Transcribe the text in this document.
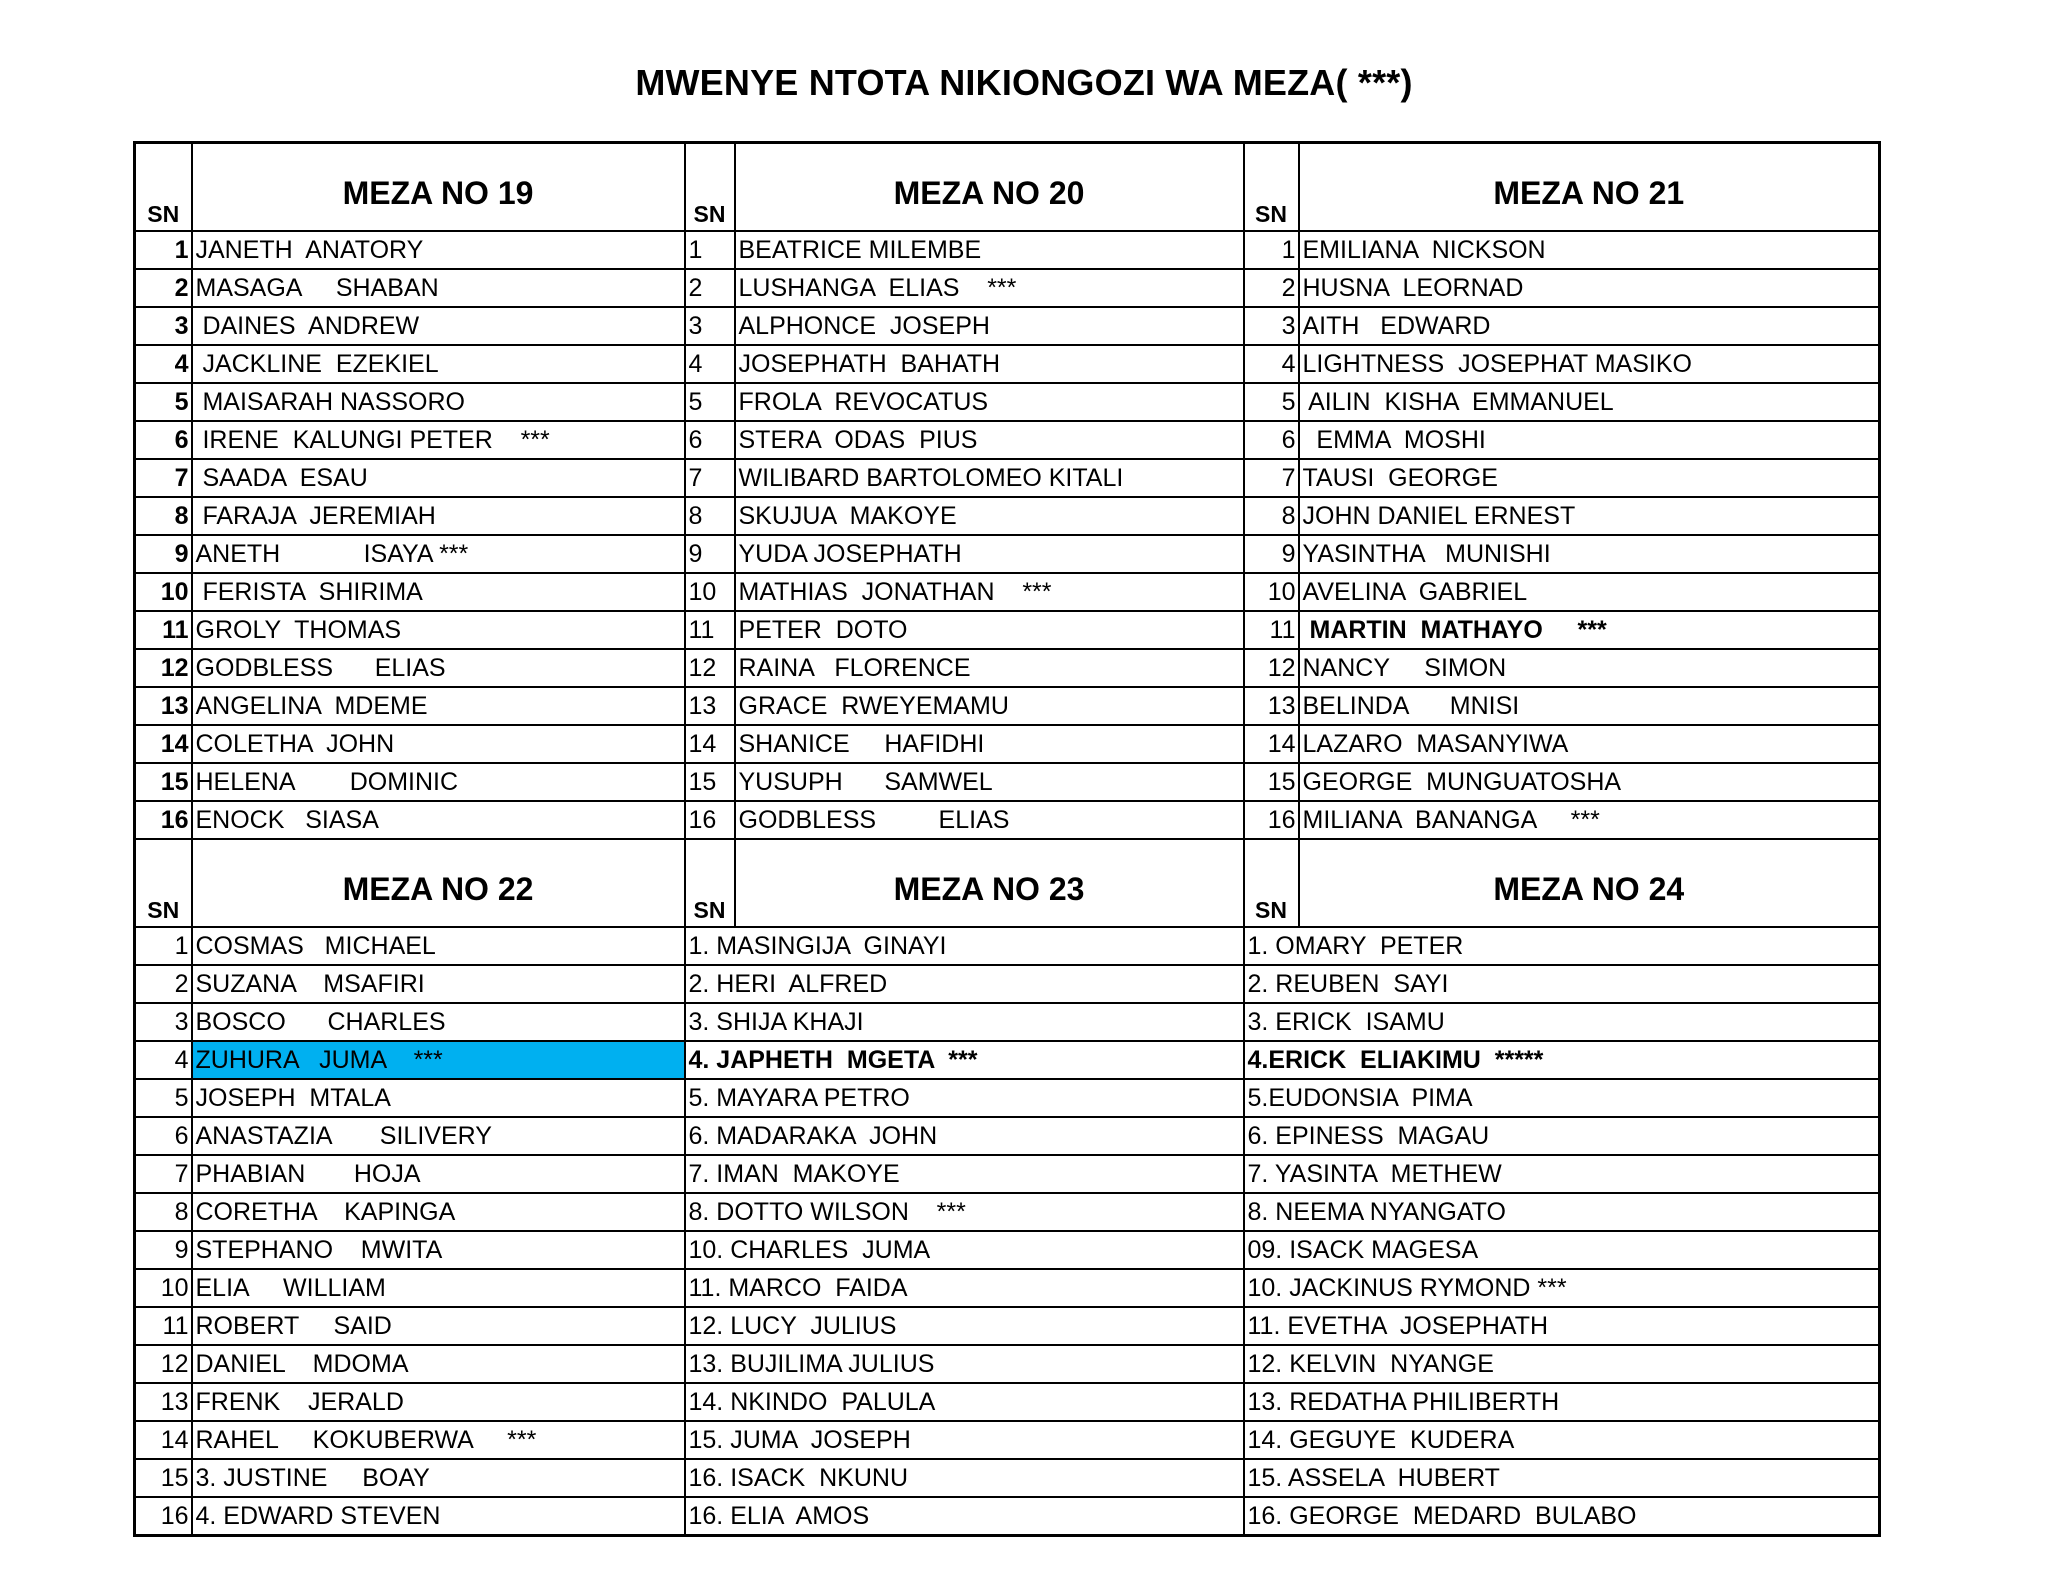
MWENYE NTOTA NIKIONGOZI WA MEZA( ***)
SN	MEZA NO 19	SN	MEZA NO 20	SN	MEZA NO 21
1	JANETH  ANATORY	1	BEATRICE MILEMBE	1	EMILIANA  NICKSON
2	MASAGA     SHABAN	2	LUSHANGA  ELIAS    ***	2	HUSNA  LEORNAD
3	DAINES  ANDREW	3	ALPHONCE  JOSEPH	3	AITH   EDWARD
4	JACKLINE  EZEKIEL	4	JOSEPHATH  BAHATH	4	LIGHTNESS  JOSEPHAT MASIKO
5	MAISARAH NASSORO	5	FROLA  REVOCATUS	5	AILIN  KISHA  EMMANUEL
6	IRENE  KALUNGI PETER    ***	6	STERA  ODAS  PIUS	6	EMMA  MOSHI
7	SAADA  ESAU	7	WILIBARD BARTOLOMEO KITALI	7	TAUSI  GEORGE
8	FARAJA  JEREMIAH	8	SKUJUA  MAKOYE	8	JOHN DANIEL ERNEST
9	ANETH            ISAYA ***	9	YUDA JOSEPHATH	9	YASINTHA   MUNISHI
10	FERISTA  SHIRIMA	10	MATHIAS  JONATHAN    ***	10	AVELINA  GABRIEL
11	GROLY  THOMAS	11	PETER  DOTO	11	MARTIN  MATHAYO     ***
12	GODBLESS      ELIAS	12	RAINA   FLORENCE	12	NANCY     SIMON
13	ANGELINA  MDEME	13	GRACE  RWEYEMAMU	13	BELINDA      MNISI
14	COLETHA  JOHN	14	SHANICE     HAFIDHI	14	LAZARO  MASANYIWA
15	HELENA        DOMINIC	15	YUSUPH      SAMWEL	15	GEORGE  MUNGUATOSHA
16	ENOCK   SIASA	16	GODBLESS         ELIAS	16	MILIANA  BANANGA     ***
SN	MEZA NO 22	SN	MEZA NO 23	SN	MEZA NO 24
1	COSMAS   MICHAEL	1. MASINGIJA  GINAYI		1. OMARY  PETER	
2	SUZANA    MSAFIRI	2. HERI  ALFRED		2. REUBEN  SAYI	
3	BOSCO      CHARLES	3. SHIJA KHAJI		3. ERICK  ISAMU	
4	ZUHURA   JUMA    ***	4. JAPHETH  MGETA  ***		4.ERICK  ELIAKIMU  *****	
5	JOSEPH  MTALA	5. MAYARA PETRO		5.EUDONSIA  PIMA	
6	ANASTAZIA       SILIVERY	6. MADARAKA  JOHN		6. EPINESS  MAGAU	
7	PHABIAN       HOJA	7. IMAN  MAKOYE		7. YASINTA  METHEW	
8	CORETHA    KAPINGA	8. DOTTO WILSON    ***		8. NEEMA NYANGATO	
9	STEPHANO    MWITA	10. CHARLES  JUMA		09. ISACK MAGESA	
10	ELIA     WILLIAM	11. MARCO  FAIDA		10. JACKINUS RYMOND ***	
11	ROBERT     SAID	12. LUCY  JULIUS		11. EVETHA  JOSEPHATH	
12	DANIEL    MDOMA	13. BUJILIMA JULIUS		12. KELVIN  NYANGE	
13	FRENK    JERALD	14. NKINDO  PALULA		13. REDATHA PHILIBERTH	
14	RAHEL     KOKUBERWA     ***	15. JUMA  JOSEPH		14. GEGUYE  KUDERA	
15	3. JUSTINE     BOAY	16. ISACK  NKUNU		15. ASSELA  HUBERT	
16	4. EDWARD STEVEN	16. ELIA  AMOS		16. GEORGE  MEDARD  BULABO	
